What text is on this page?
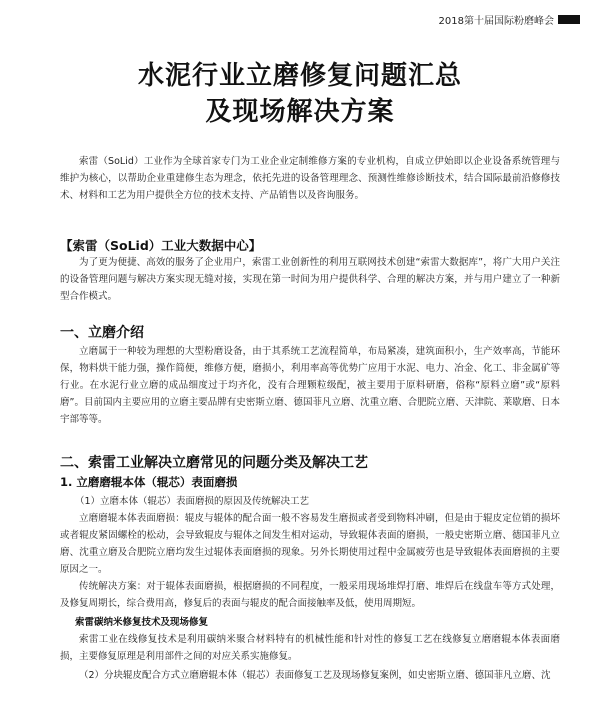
2018第十届国际粉磨峰会
水泥行业立磨修复问题汇总
及现场解决方案
索雷（SoLid）工业作为全球首家专门为工业企业定制维修方案的专业机构，自成立伊始即以企业设备系统管理与维护为核心，以帮助企业重建修生态为理念，依托先进的设备管理理念、预测性维修诊断技术，结合国际最前沿修修技术、材料和工艺为用户提供全方位的技术支持、产品销售以及咨询服务。
【索雷（SoLid）工业大数据中心】
为了更为便捷、高效的服务了企业用户，索雷工业创新性的利用互联网技术创建“索雷大数据库”，将广大用户关注的设备管理问题与解决方案实现无缝对接，实现在第一时间为用户提供科学、合理的解决方案，并与用户建立了一种新型合作模式。
一、立磨介绍
立磨属于一种较为理想的大型粉磨设备，由于其系统工艺流程简单，布局紧凑，建筑面积小，生产效率高，节能环保，物料烘干能力强，操作简便，维修方便，磨损小，利用率高等优势广应用于水泥、电力、冶金、化工、非金属矿等行业。在水泥行业立磨的成品细度过于均齐化，没有合理颗粒级配，被主要用于原料研磨，俗称“原料立磨”或“原料磨”。目前国内主要应用的立磨主要品牌有史密斯立磨、德国菲凡立磨、沈重立磨、合肥院立磨、天津院、莱歇磨、日本宇部等等。
二、索雷工业解决立磨常见的问题分类及解决工艺
1. 立磨磨辊本体（辊芯）表面磨损
（1）立磨本体（辊芯）表面磨损的原因及传统解决工艺
立磨磨辊本体表面磨损：辊皮与辊体的配合面一般不容易发生磨损或者受到物料冲刷，但是由于辊皮定位销的损坏或者辊皮紧固螺栓的松动，会导致辊皮与辊体之间发生相对运动，导致辊体表面的磨损，一般史密斯立磨、德国菲凡立磨、沈重立磨及合肥院立磨均发生过辊体表面磨损的现象。另外长期使用过程中金属疲劳也是导致辊体表面磨损的主要原因之一。
传统解决方案：对于辊体表面磨损，根据磨损的不同程度，一般采用现场堆焊打磨、堆焊后在线盘车等方式处理，及修复周期长，综合费用高，修复后的表面与辊皮的配合面接触率及低，使用周期短。
索雷碳纳米修复技术及现场修复
索雷工业在线修复技术是利用碳纳米聚合材料特有的机械性能和针对性的修复工艺在线修复立磨磨辊本体表面磨损，主要修复原理是利用部件之间的对应关系实施修复。
（2）分块辊皮配合方式立磨磨辊本体（辊芯）表面修复工艺及现场修复案例，如史密斯立磨、德国菲凡立磨、沈
